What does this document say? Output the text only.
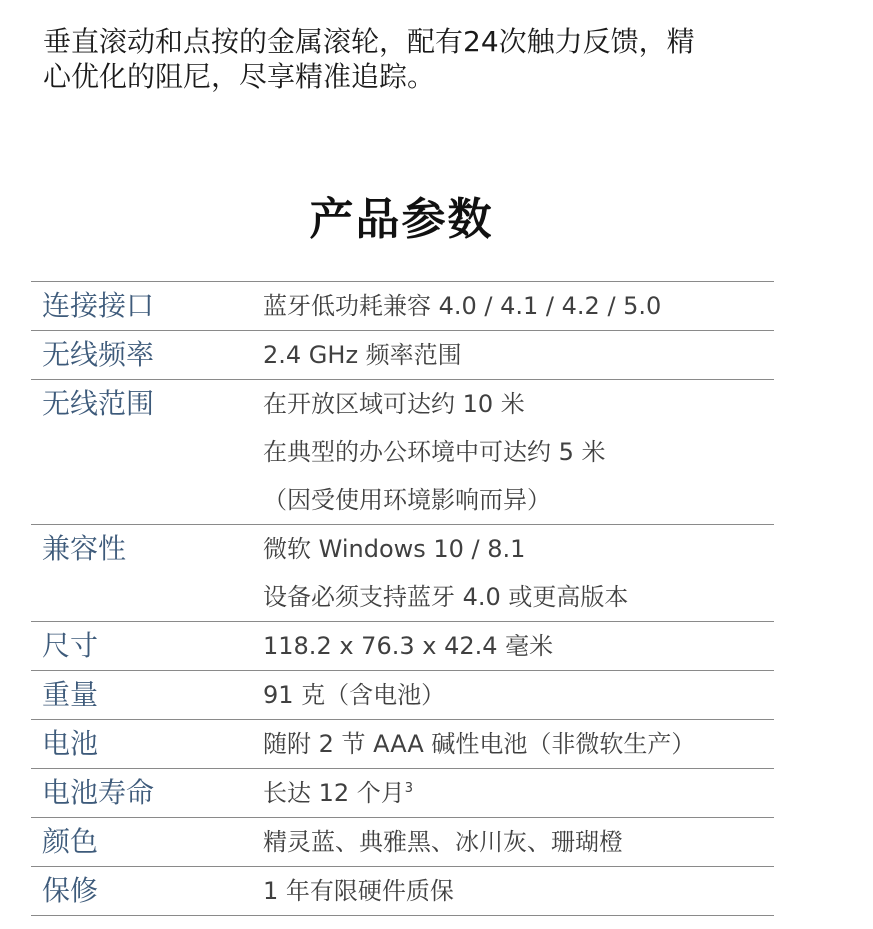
垂直滚动和点按的金属滚轮，配有24次触力反馈，精
心优化的阻尼，尽享精准追踪。

产品参数
连接接口	蓝牙低功耗兼容 4.0 / 4.1 / 4.2 / 5.0
无线频率	2.4 GHz 频率范围
无线范围	在开放区域可达约 10 米
在典型的办公环境中可达约 5 米
（因受使用环境影响而异）
兼容性	微软 Windows 10 / 8.1
设备必须支持蓝牙 4.0 或更高版本
尺寸	118.2 x 76.3 x 42.4 毫米
重量	91 克（含电池）
电池	随附 2 节 AAA 碱性电池（非微软生产）
电池寿命	长达 12 个月$^3$
颜色	精灵蓝、典雅黑、冰川灰、珊瑚橙
保修	1 年有限硬件质保
